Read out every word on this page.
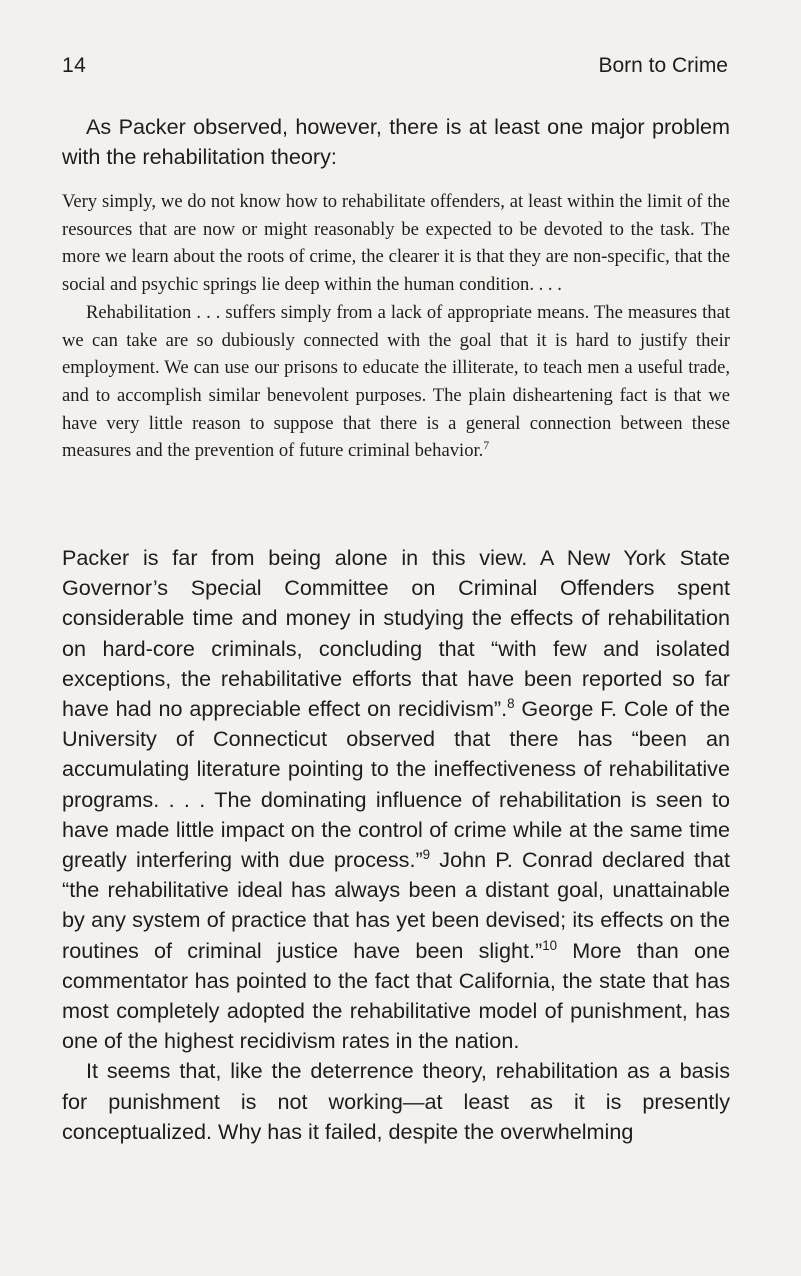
14	Born to Crime

As Packer observed, however, there is at least one major problem with the rehabilitation theory:

Very simply, we do not know how to rehabilitate offenders, at least within the limit of the resources that are now or might reasonably be expected to be devoted to the task. The more we learn about the roots of crime, the clearer it is that they are non-specific, that the social and psychic springs lie deep within the human condition. . . .

Rehabilitation . . . suffers simply from a lack of appropriate means. The measures that we can take are so dubiously connected with the goal that it is hard to justify their employment. We can use our prisons to educate the illiterate, to teach men a useful trade, and to accomplish similar benevolent purposes. The plain disheartening fact is that we have very little reason to suppose that there is a general connection between these measures and the prevention of future criminal behavior.$^7$

Packer is far from being alone in this view. A New York State Governor’s Special Committee on Criminal Offenders spent considerable time and money in studying the effects of rehabilitation on hard-core criminals, concluding that “with few and isolated exceptions, the rehabilitative efforts that have been reported so far have had no appreciable effect on recidivism”.$^8$ George F. Cole of the University of Connecticut observed that there has “been an accumulating literature pointing to the ineffectiveness of rehabilitative programs. . . . The dominating influence of rehabilitation is seen to have made little impact on the control of crime while at the same time greatly interfering with due process.”$^9$ John P. Conrad declared that “the rehabilitative ideal has always been a distant goal, unattainable by any system of practice that has yet been devised; its effects on the routines of criminal justice have been slight.”$^{10}$ More than one commentator has pointed to the fact that California, the state that has most completely adopted the rehabilitative model of punishment, has one of the highest recidivism rates in the nation.

It seems that, like the deterrence theory, rehabilitation as a basis for punishment is not working—at least as it is presently conceptualized. Why has it failed, despite the overwhelming
